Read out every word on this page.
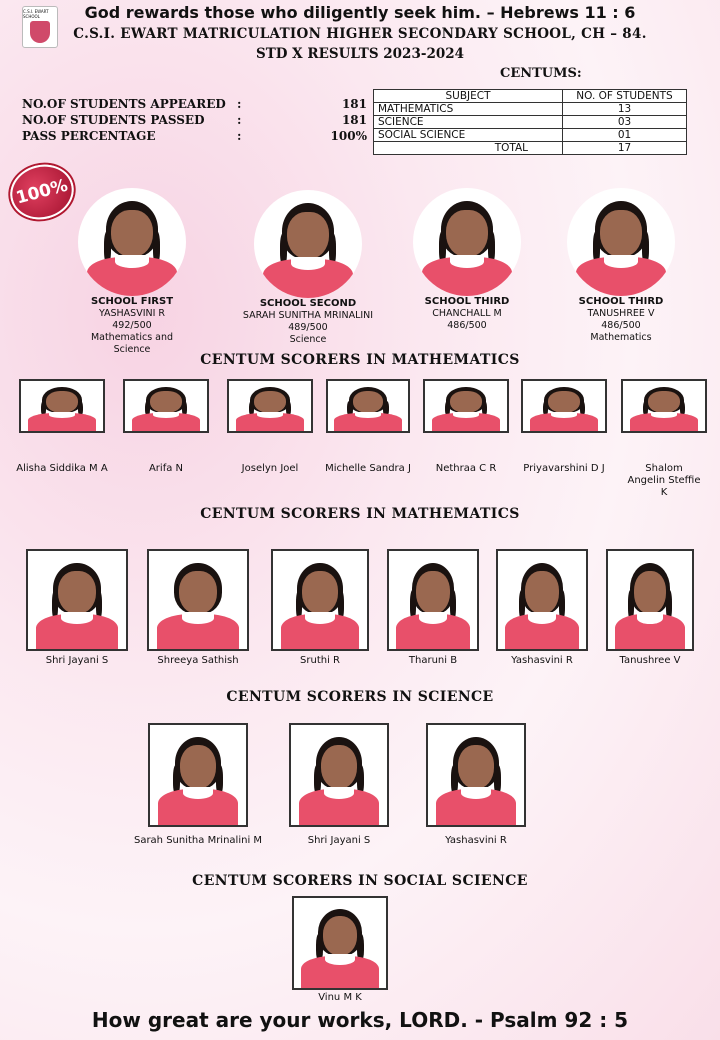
C.S.I. EWART SCHOOL	God rewards those who diligently seek him. – Hebrews 11 : 6
C.S.I. EWART MATRICULATION HIGHER SECONDARY SCHOOL, CH – 84.
STD X RESULTS 2023-2024
NO.OF STUDENTS APPEARED :	181
NO.OF STUDENTS PASSED	:	181
PASS PERCENTAGE	:	100%
CENTUMS:
SUBJECT	NO. OF STUDENTS
MATHEMATICS	13
SCIENCE	03
SOCIAL SCIENCE	01
TOTAL	17
100%
SCHOOL FIRST
YASHASVINI R
492/500
Mathematics and Science
SCHOOL SECOND
SARAH SUNITHA MRINALINI
489/500
Science
SCHOOL THIRD
CHANCHALL M
486/500
SCHOOL THIRD
TANUSHREE V
486/500
Mathematics
CENTUM SCORERS IN MATHEMATICS
Alisha Siddika M A	Arifa N	Joselyn Joel	Michelle Sandra J	Nethraa C R	Priyavarshini D J	Shalom Angelin Steffie K
CENTUM SCORERS IN MATHEMATICS
Shri Jayani S	Shreeya Sathish	Sruthi R	Tharuni B	Yashasvini R	Tanushree V
CENTUM SCORERS IN SCIENCE
Sarah Sunitha Mrinalini M	Shri Jayani S	Yashasvini R
CENTUM SCORERS IN SOCIAL SCIENCE
Vinu M K
How great are your works, LORD. - Psalm 92 : 5
